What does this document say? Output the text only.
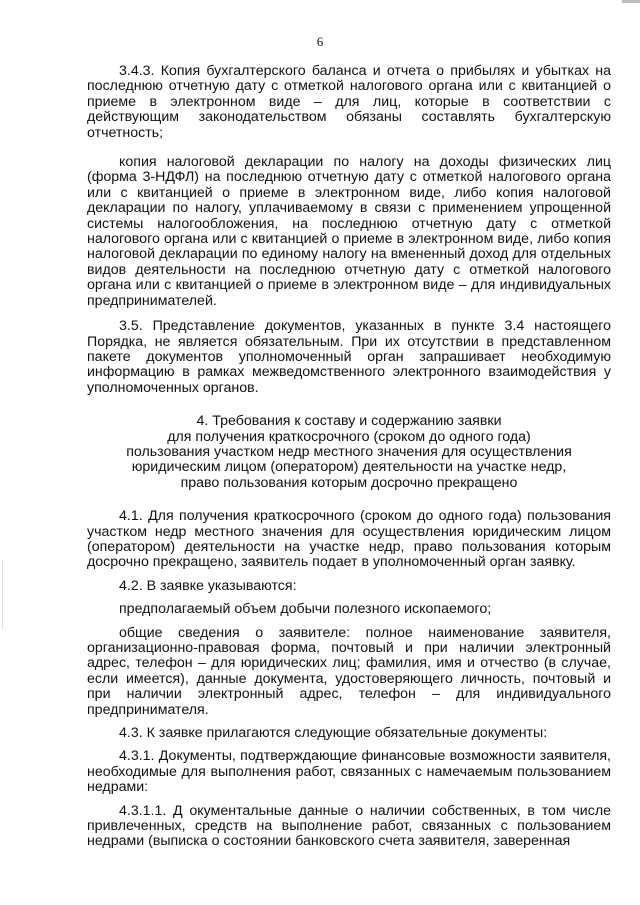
6

3.4.3. Копия бухгалтерского баланса и отчета о прибылях и убытках на последнюю отчетную дату с отметкой налогового органа или с квитанцией о приеме в электронном виде – для лиц, которые в соответствии с действующим законодательством обязаны составлять бухгалтерскую отчетность;

копия налоговой декларации по налогу на доходы физических лиц (форма 3-НДФЛ) на последнюю отчетную дату с отметкой налогового органа или с квитанцией о приеме в электронном виде, либо копия налоговой декларации по налогу, уплачиваемому в связи с применением упрощенной системы налогообложения, на последнюю отчетную дату с отметкой налогового органа или с квитанцией о приеме в электронном виде, либо копия налоговой декларации по единому налогу на вмененный доход для отдельных видов деятельности на последнюю отчетную дату с отметкой налогового органа или с квитанцией о приеме в электронном виде – для индивидуальных предпринимателей.

3.5. Представление документов, указанных в пункте 3.4 настоящего Порядка, не является обязательным. При их отсутствии в представленном пакете документов уполномоченный орган запрашивает необходимую информацию в рамках межведомственного электронного взаимодействия у уполномоченных органов.

4. Требования к составу и содержанию заявки
для получения краткосрочного (сроком до одного года)
пользования участком недр местного значения для осуществления
юридическим лицом (оператором) деятельности на участке недр,
право пользования которым досрочно прекращено

4.1. Для получения краткосрочного (сроком до одного года) пользования участком недр местного значения для осуществления юридическим лицом (оператором) деятельности на участке недр, право пользования которым досрочно прекращено, заявитель подает в уполномоченный орган заявку.

4.2. В заявке указываются:

предполагаемый объем добычи полезного ископаемого;

общие сведения о заявителе: полное наименование заявителя, организационно-правовая форма, почтовый и при наличии электронный адрес, телефон – для юридических лиц; фамилия, имя и отчество (в случае, если имеется), данные документа, удостоверяющего личность, почтовый и при наличии электронный адрес, телефон – для индивидуального предпринимателя.

4.3. К заявке прилагаются следующие обязательные документы:

4.3.1. Документы, подтверждающие финансовые возможности заявителя, необходимые для выполнения работ, связанных с намечаемым пользованием недрами:

4.3.1.1. Д окументальные данные о наличии собственных, в том числе привлеченных, средств на выполнение работ, связанных с пользованием недрами (выписка о состоянии банковского счета заявителя, заверенная
